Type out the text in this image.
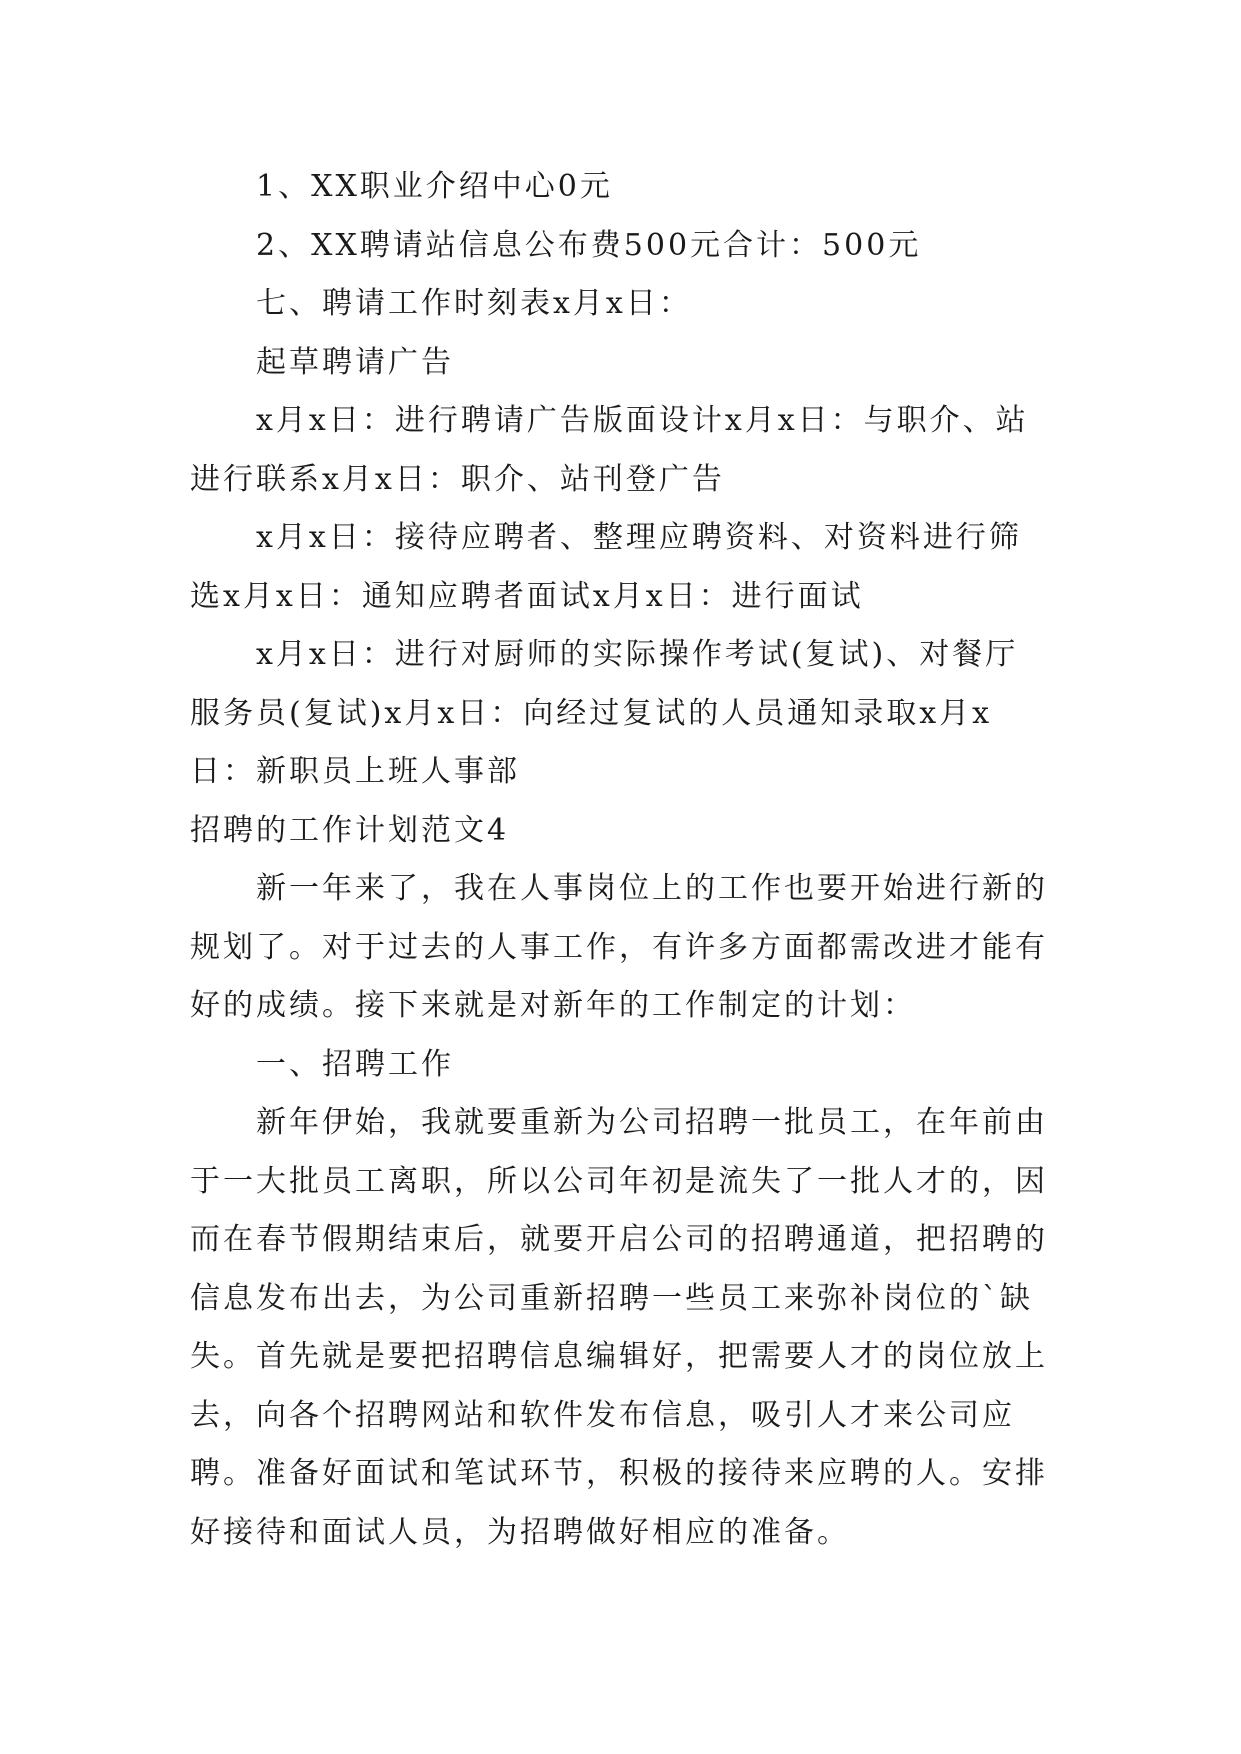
1、XX职业介绍中心0元

2、XX聘请站信息公布费500元合计：500元

七、聘请工作时刻表x月x日：

起草聘请广告

x月x日：进行聘请广告版面设计x月x日：与职介、站进行联系x月x日：职介、站刊登广告

x月x日：接待应聘者、整理应聘资料、对资料进行筛选x月x日：通知应聘者面试x月x日：进行面试

x月x日：进行对厨师的实际操作考试(复试)、对餐厅服务员(复试)x月x日：向经过复试的人员通知录取x月x日：新职员上班人事部

招聘的工作计划范文4

新一年来了，我在人事岗位上的工作也要开始进行新的规划了。对于过去的人事工作，有许多方面都需改进才能有好的成绩。接下来就是对新年的工作制定的计划：

一、招聘工作

新年伊始，我就要重新为公司招聘一批员工，在年前由于一大批员工离职，所以公司年初是流失了一批人才的，因而在春节假期结束后，就要开启公司的招聘通道，把招聘的信息发布出去，为公司重新招聘一些员工来弥补岗位的`缺失。首先就是要把招聘信息编辑好，把需要人才的岗位放上去，向各个招聘网站和软件发布信息，吸引人才来公司应聘。准备好面试和笔试环节，积极的接待来应聘的人。安排好接待和面试人员，为招聘做好相应的准备。
